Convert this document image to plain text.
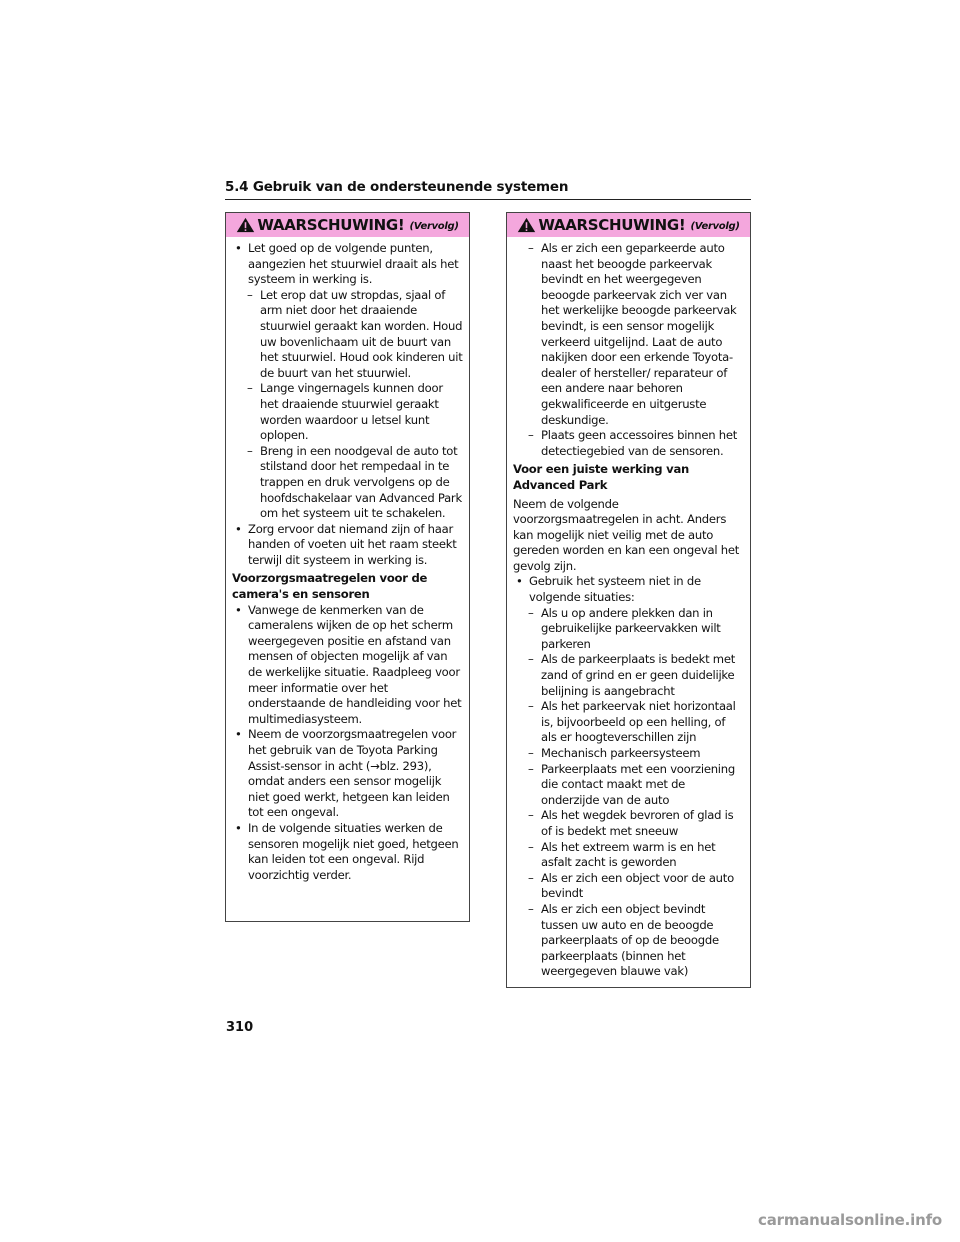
5.4 Gebruik van de ondersteunende systemen
WAARSCHUWING! (Vervolg)
• Let goed op de volgende punten, aangezien het stuurwiel draait als het systeem in werking is.
– Let erop dat uw stropdas, sjaal of arm niet door het draaiende stuurwiel geraakt kan worden. Houd uw bovenlichaam uit de buurt van het stuurwiel. Houd ook kinderen uit de buurt van het stuurwiel.
– Lange vingernagels kunnen door het draaiende stuurwiel geraakt worden waardoor u letsel kunt oplopen.
– Breng in een noodgeval de auto tot stilstand door het rempedaal in te trappen en druk vervolgens op de hoofdschakelaar van Advanced Park om het systeem uit te schakelen.
• Zorg ervoor dat niemand zijn of haar handen of voeten uit het raam steekt terwijl dit systeem in werking is.
Voorzorgsmaatregelen voor de camera's en sensoren
• Vanwege de kenmerken van de cameralens wijken de op het scherm weergegeven positie en afstand van mensen of objecten mogelijk af van de werkelijke situatie. Raadpleeg voor meer informatie over het onderstaande de handleiding voor het multimediasysteem.
• Neem de voorzorgsmaatregelen voor het gebruik van de Toyota Parking Assist-sensor in acht (→blz. 293), omdat anders een sensor mogelijk niet goed werkt, hetgeen kan leiden tot een ongeval.
• In de volgende situaties werken de sensoren mogelijk niet goed, hetgeen kan leiden tot een ongeval. Rijd voorzichtig verder.
WAARSCHUWING! (Vervolg)
– Als er zich een geparkeerde auto naast het beoogde parkeervak bevindt en het weergegeven beoogde parkeervak zich ver van het werkelijke beoogde parkeervak bevindt, is een sensor mogelijk verkeerd uitgelijnd. Laat de auto nakijken door een erkende Toyota-dealer of hersteller/ reparateur of een andere naar behoren gekwalificeerde en uitgeruste deskundige.
– Plaats geen accessoires binnen het detectiegebied van de sensoren.
Voor een juiste werking van Advanced Park
Neem de volgende voorzorgsmaatregelen in acht. Anders kan mogelijk niet veilig met de auto gereden worden en kan een ongeval het gevolg zijn.
• Gebruik het systeem niet in de volgende situaties:
– Als u op andere plekken dan in gebruikelijke parkeervakken wilt parkeren
– Als de parkeerplaats is bedekt met zand of grind en er geen duidelijke belijning is aangebracht
– Als het parkeervak niet horizontaal is, bijvoorbeeld op een helling, of als er hoogteverschillen zijn
– Mechanisch parkeersysteem
– Parkeerplaats met een voorziening die contact maakt met de onderzijde van de auto
– Als het wegdek bevroren of glad is of is bedekt met sneeuw
– Als het extreem warm is en het asfalt zacht is geworden
– Als er zich een object voor de auto bevindt
– Als er zich een object bevindt tussen uw auto en de beoogde parkeerplaats of op de beoogde parkeerplaats (binnen het weergegeven blauwe vak)

310

carmanualsonline.info
